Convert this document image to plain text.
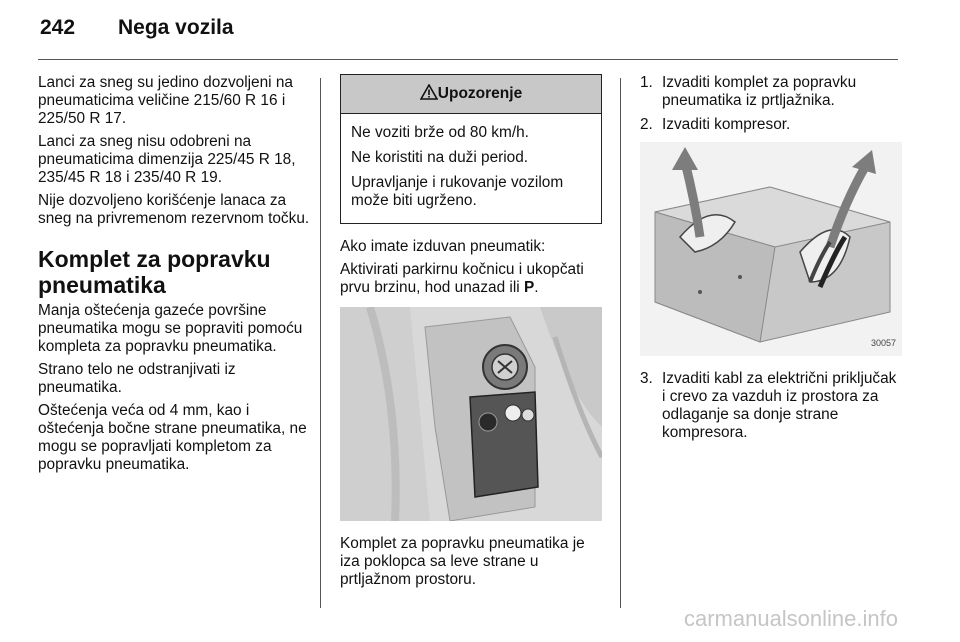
242 Nega vozila

Lanci za sneg su jedino dozvoljeni na pneumaticima veličine 215/60 R 16 i 225/50 R 17.

Lanci za sneg nisu odobreni na pneumaticima dimenzija 225/45 R 18, 235/45 R 18 i 235/40 R 19.

Nije dozvoljeno korišćenje lanaca za sneg na privremenom rezervnom točku.

Komplet za popravku pneumatika

Manja oštećenja gazeće površine pneumatika mogu se popraviti pomoću kompleta za popravku pneumatika.

Strano telo ne odstranjivati iz pneumatika.

Oštećenja veća od 4 mm, kao i oštećenja bočne strane pneumatika, ne mogu se popravljati kompletom za popravku pneumatika.

Upozorenje

Ne voziti brže od 80 km/h.

Ne koristiti na duži period.

Upravljanje i rukovanje vozilom može biti ugrženo.

Ako imate izduvan pneumatik:

Aktivirati parkirnu kočnicu i ukopčati prvu brzinu, hod unazad ili P.

Komplet za popravku pneumatika je iza poklopca sa leve strane u prtljažnom prostoru.

1. Izvaditi komplet za popravku pneumatika iz prtljažnika.
2. Izvaditi kompresor.
30057
3. Izvaditi kabl za električni priključak i crevo za vazduh iz prostora za odlaganje sa donje strane kompresora.
carmanualsonline.info
